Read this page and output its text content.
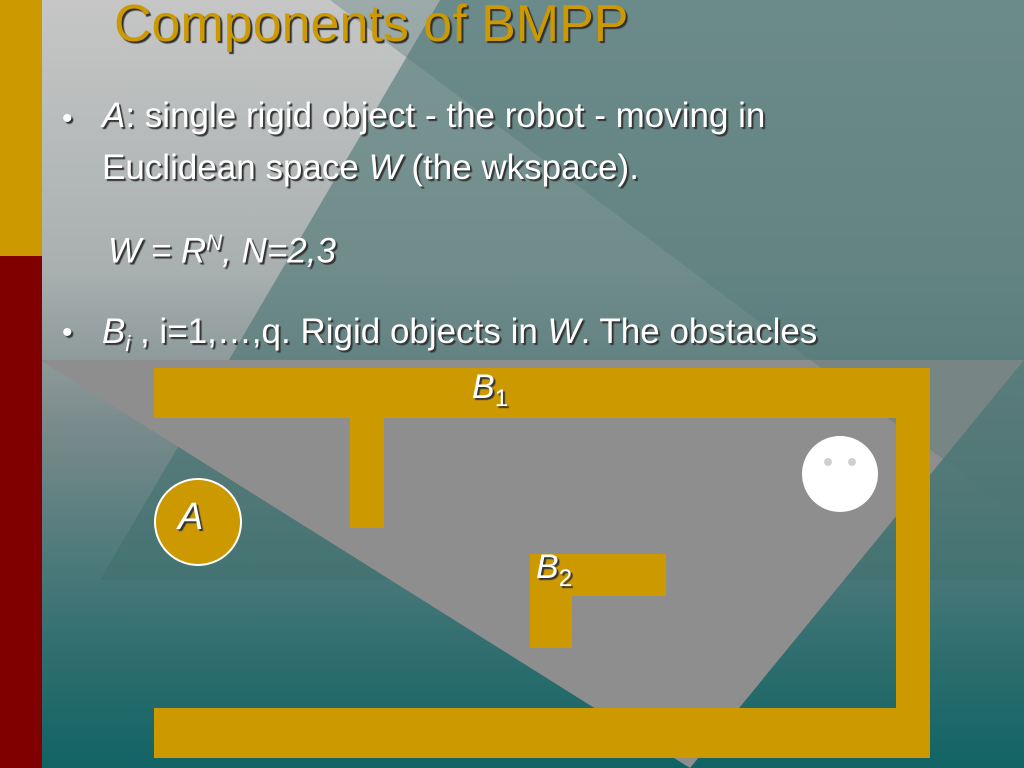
Components of BMPP
• A: single rigid object - the robot - moving in
Euclidean space W (the wkspace).
$W = R^N$, N=2,3
• $B_i$ , i=1,…,q. Rigid objects in W. The obstacles
$B_1$
$B_2$
A
